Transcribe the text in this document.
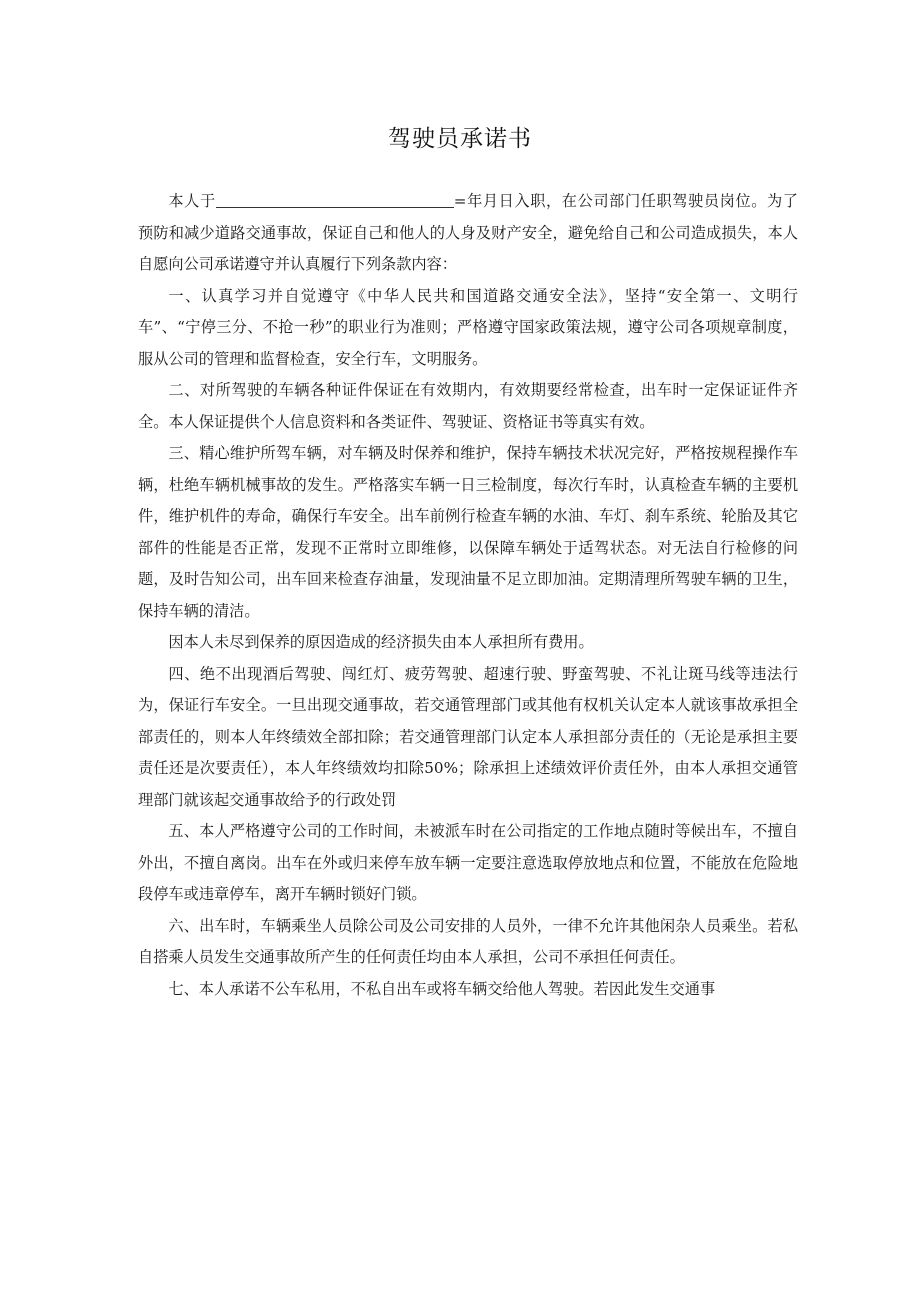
驾驶员承诺书

本人于	=年月日入职，在公司部门任职驾驶员岗位。为了预防和减少道路交通事故，保证自己和他人的人身及财产安全，避免给自己和公司造成损失，本人自愿向公司承诺遵守并认真履行下列条款内容：

一、认真学习并自觉遵守《中华人民共和国道路交通安全法》，坚持“安全第一、文明行车”、“宁停三分、不抢一秒”的职业行为准则；严格遵守国家政策法规，遵守公司各项规章制度，服从公司的管理和监督检查，安全行车，文明服务。

二、对所驾驶的车辆各种证件保证在有效期内，有效期要经常检查，出车时一定保证证件齐全。本人保证提供个人信息资料和各类证件、驾驶证、资格证书等真实有效。

三、精心维护所驾车辆，对车辆及时保养和维护，保持车辆技术状况完好，严格按规程操作车辆，杜绝车辆机械事故的发生。严格落实车辆一日三检制度，每次行车时，认真检查车辆的主要机件，维护机件的寿命，确保行车安全。出车前例行检查车辆的水油、车灯、刹车系统、轮胎及其它部件的性能是否正常，发现不正常时立即维修，以保障车辆处于适驾状态。对无法自行检修的问题，及时告知公司，出车回来检查存油量，发现油量不足立即加油。定期清理所驾驶车辆的卫生，保持车辆的清洁。

因本人未尽到保养的原因造成的经济损失由本人承担所有费用。

四、绝不出现酒后驾驶、闯红灯、疲劳驾驶、超速行驶、野蛮驾驶、不礼让斑马线等违法行为，保证行车安全。一旦出现交通事故，若交通管理部门或其他有权机关认定本人就该事故承担全部责任的，则本人年终绩效全部扣除；若交通管理部门认定本人承担部分责任的（无论是承担主要责任还是次要责任），本人年终绩效均扣除50%；除承担上述绩效评价责任外，由本人承担交通管理部门就该起交通事故给予的行政处罚

五、本人严格遵守公司的工作时间，未被派车时在公司指定的工作地点随时等候出车，不擅自外出，不擅自离岗。出车在外或归来停车放车辆一定要注意选取停放地点和位置，不能放在危险地段停车或违章停车，离开车辆时锁好门锁。

六、出车时，车辆乘坐人员除公司及公司安排的人员外，一律不允许其他闲杂人员乘坐。若私自搭乘人员发生交通事故所产生的任何责任均由本人承担，公司不承担任何责任。

七、本人承诺不公车私用，不私自出车或将车辆交给他人驾驶。若因此发生交通事
